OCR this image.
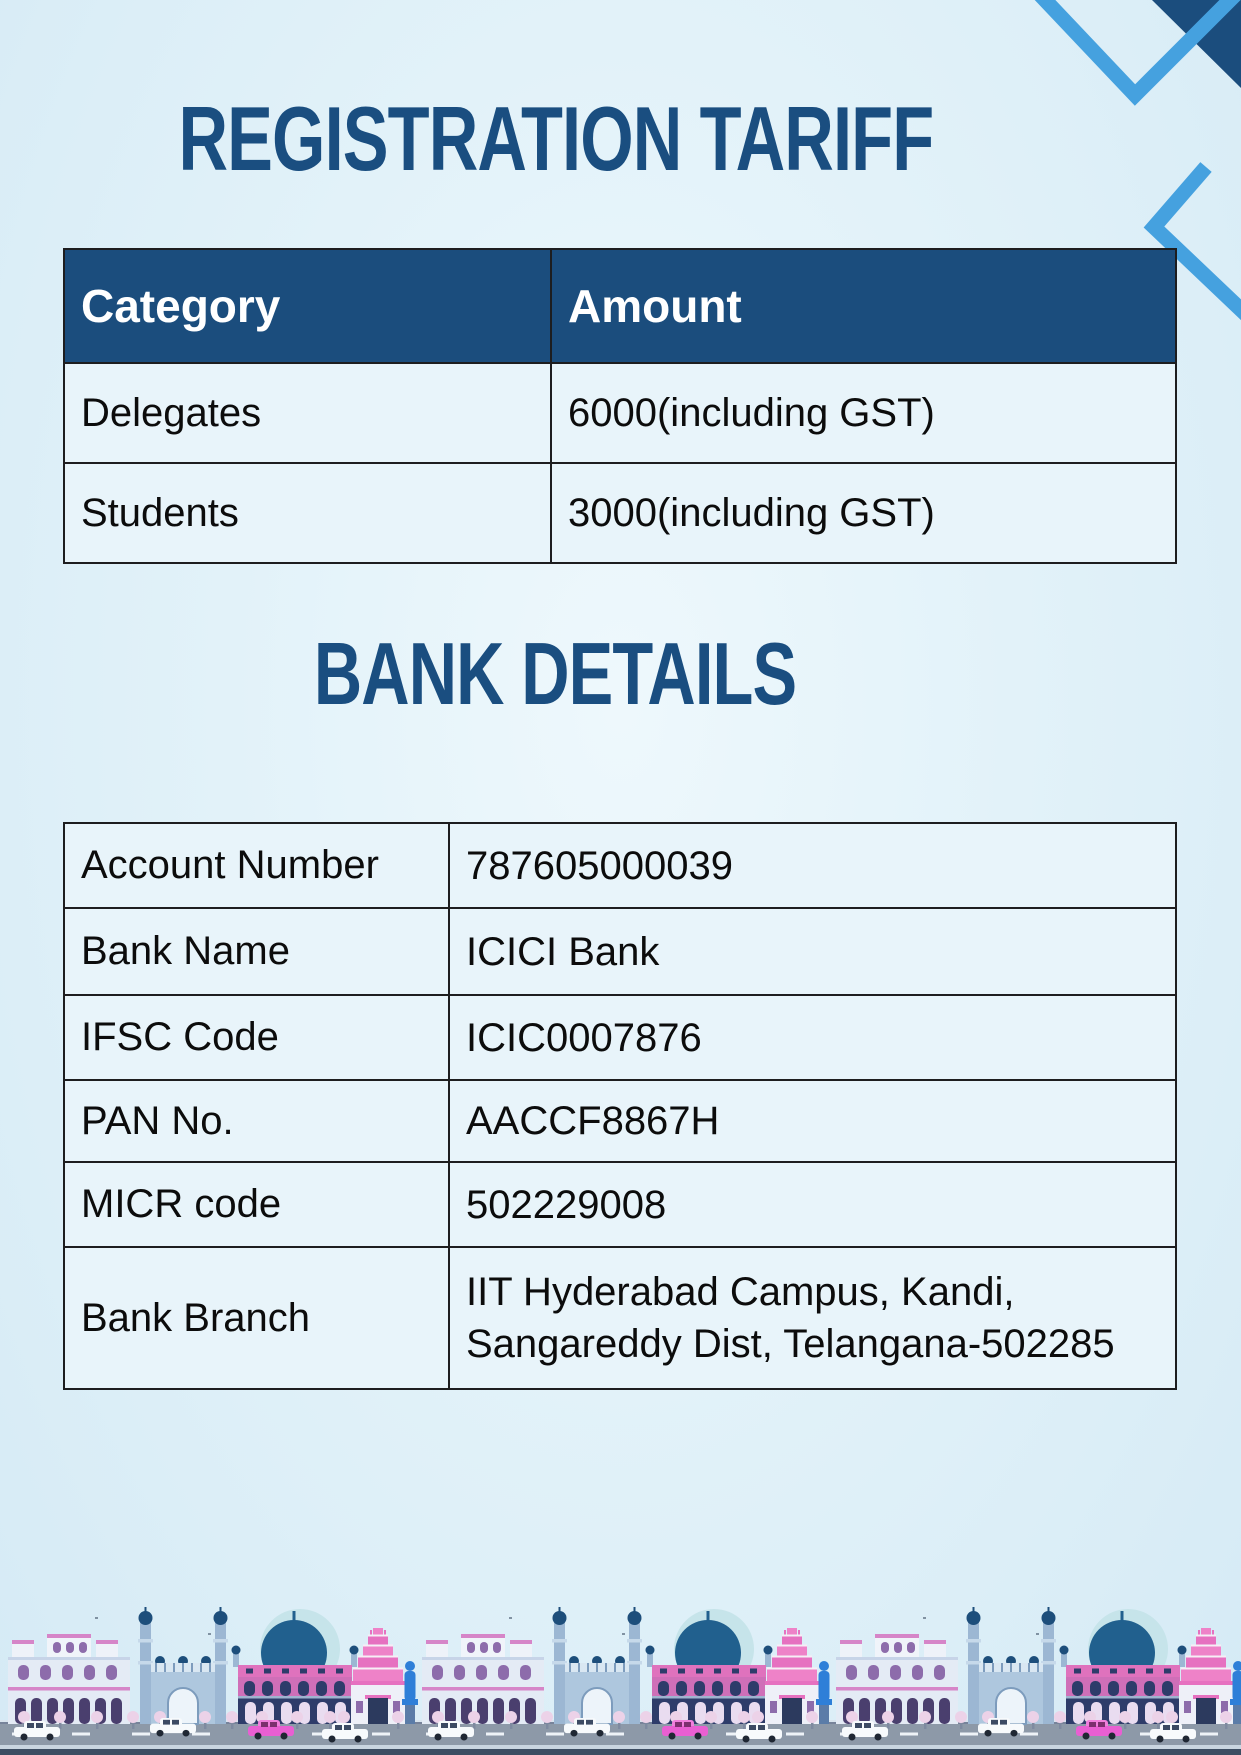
REGISTRATION TARIFF
Category	Amount
Delegates	6000(including GST)
Students	3000(including GST)
BANK DETAILS
Account Number	787605000039
Bank Name	ICICI Bank
IFSC Code	ICIC0007876
PAN No.	AACCF8867H
MICR code	502229008
Bank Branch	IIT Hyderabad Campus, Kandi, Sangareddy Dist, Telangana-502285
